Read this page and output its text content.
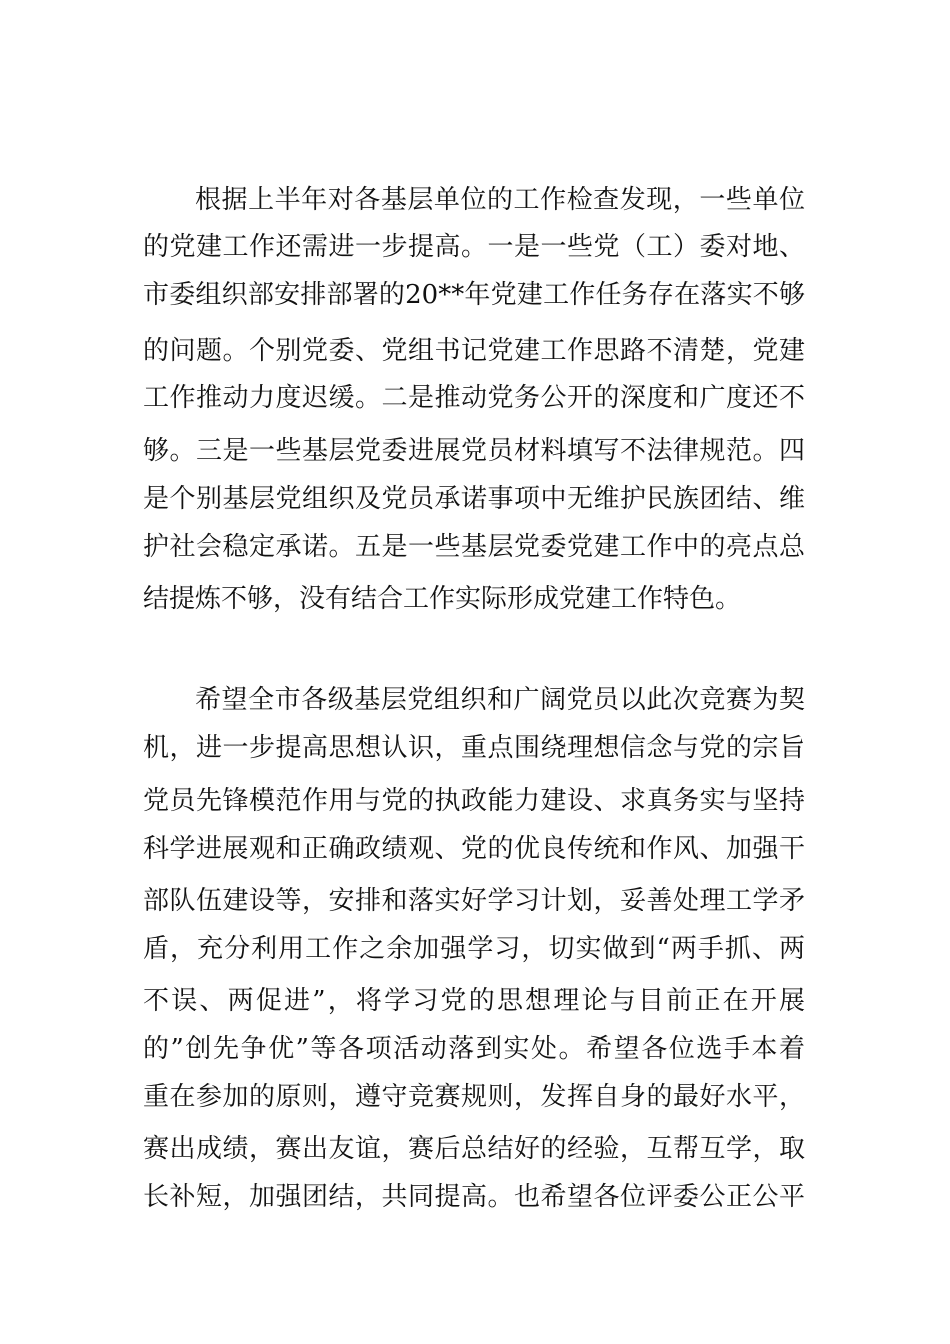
根据上半年对各基层单位的工作检查发现，一些单位

的党建工作还需进一步提高。一是一些党（工）委对地、

市委组织部安排部署的20**年党建工作任务存在落实不够

的问题。个别党委、党组书记党建工作思路不清楚，党建

工作推动力度迟缓。二是推动党务公开的深度和广度还不

够。三是一些基层党委进展党员材料填写不法律规范。四

是个别基层党组织及党员承诺事项中无维护民族团结、维

护社会稳定承诺。五是一些基层党委党建工作中的亮点总

结提炼不够，没有结合工作实际形成党建工作特色。

希望全市各级基层党组织和广阔党员以此次竞赛为契

机，进一步提高思想认识，重点围绕理想信念与党的宗旨

党员先锋模范作用与党的执政能力建设、求真务实与坚持

科学进展观和正确政绩观、党的优良传统和作风、加强干

部队伍建设等，安排和落实好学习计划，妥善处理工学矛

盾，充分利用工作之余加强学习，切实做到“两手抓、两

不误、两促进”，将学习党的思想理论与目前正在开展

的”创先争优”等各项活动落到实处。希望各位选手本着

重在参加的原则，遵守竞赛规则，发挥自身的最好水平，

赛出成绩，赛出友谊，赛后总结好的经验，互帮互学，取

长补短，加强团结，共同提高。也希望各位评委公正公平
